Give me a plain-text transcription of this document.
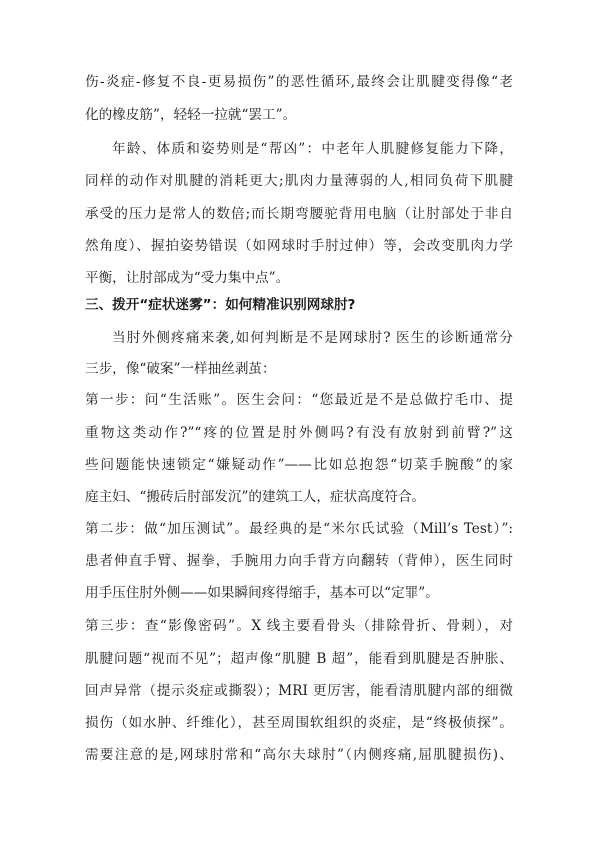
伤-炎症-修复不良-更易损伤”的恶性循环,最终会让肌腱变得像“老
化的橡皮筋”，轻轻一拉就“罢工”。
年龄、体质和姿势则是“帮凶”：中老年人肌腱修复能力下降，
同样的动作对肌腱的消耗更大;肌肉力量薄弱的人,相同负荷下肌腱
承受的压力是常人的数倍;而长期弯腰驼背用电脑（让肘部处于非自
然角度）、握拍姿势错误（如网球时手肘过伸）等，会改变肌肉力学
平衡，让肘部成为“受力集中点”。
三、拨开“症状迷雾”：如何精准识别网球肘?
当肘外侧疼痛来袭,如何判断是不是网球肘? 医生的诊断通常分
三步，像“破案”一样抽丝剥茧：
第一步：问“生活账”。医生会问：“您最近是不是总做拧毛巾、提
重物这类动作?”“疼的位置是肘外侧吗?有没有放射到前臂?”这
些问题能快速锁定“嫌疑动作”——比如总抱怨“切菜手腕酸”的家
庭主妇、“搬砖后肘部发沉”的建筑工人，症状高度符合。
第二步：做“加压测试”。最经典的是“米尔氏试验（Mill’s Test）”:
患者伸直手臂、握拳，手腕用力向手背方向翻转（背伸），医生同时
用手压住肘外侧——如果瞬间疼得缩手，基本可以“定罪”。
第三步：查“影像密码”。X 线主要看骨头（排除骨折、骨刺），对
肌腱问题“视而不见”；超声像“肌腱 B 超”，能看到肌腱是否肿胀、
回声异常（提示炎症或撕裂）；MRI 更厉害，能看清肌腱内部的细微
损伤（如水肿、纤维化），甚至周围软组织的炎症，是“终极侦探”。
需要注意的是,网球肘常和“高尔夫球肘”（内侧疼痛,屈肌腱损伤)、
